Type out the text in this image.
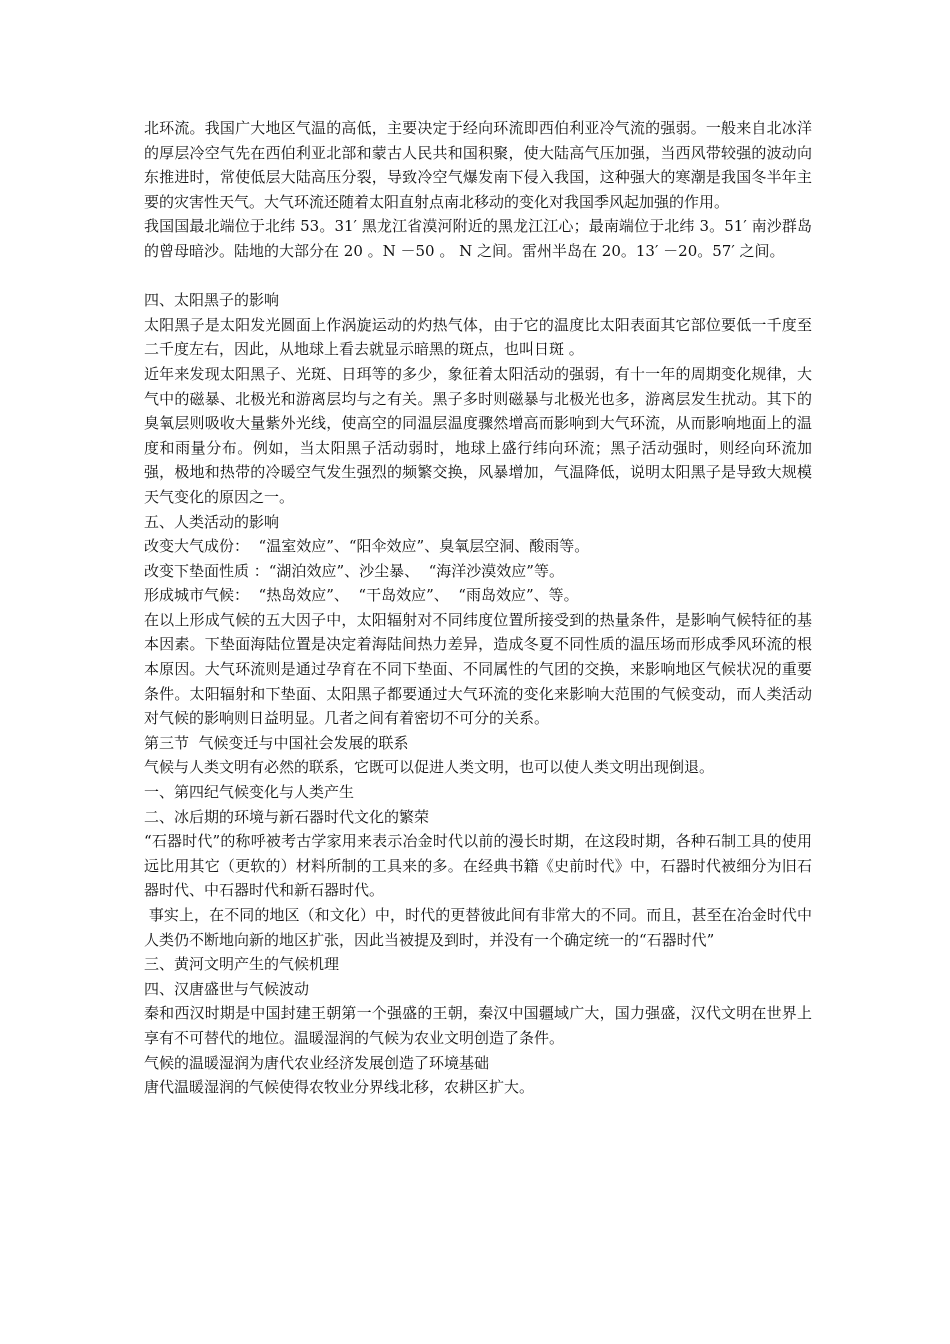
北环流。我国广大地区气温的高低，主要决定于经向环流即西伯利亚冷气流的强弱。一般来自北冰洋的厚层冷空气先在西伯利亚北部和蒙古人民共和国积聚，使大陆高气压加强，当西风带较强的波动向东推进时，常使低层大陆高压分裂，导致冷空气爆发南下侵入我国，这种强大的寒潮是我国冬半年主要的灾害性天气。大气环流还随着太阳直射点南北移动的变化对我国季风起加强的作用。

我国国最北端位于北纬 53。31′ 黑龙江省漠河附近的黑龙江江心；最南端位于北纬 3。51′ 南沙群岛的曾母暗沙。陆地的大部分在 20 。N －50 。 N 之间。雷州半岛在 20。13′ －20。57′ 之间。

四、太阳黑子的影响

太阳黑子是太阳发光圆面上作涡旋运动的灼热气体，由于它的温度比太阳表面其它部位要低一千度至二千度左右，因此，从地球上看去就显示暗黑的斑点，也叫日斑 。

近年来发现太阳黑子、光斑、日珥等的多少，象征着太阳活动的强弱，有十一年的周期变化规律，大气中的磁暴、北极光和游离层均与之有关。黑子多时则磁暴与北极光也多，游离层发生扰动。其下的臭氧层则吸收大量紫外光线，使高空的同温层温度骤然增高而影响到大气环流，从而影响地面上的温度和雨量分布。例如，当太阳黑子活动弱时，地球上盛行纬向环流；黑子活动强时，则经向环流加强，极地和热带的冷暖空气发生强烈的频繁交换，风暴增加，气温降低，说明太阳黑子是导致大规模天气变化的原因之一。

五、人类活动的影响

改变大气成份：  “温室效应”、“阳伞效应”、臭氧层空洞、酸雨等。

改变下垫面性质 ：“湖泊效应”、沙尘暴、  “海洋沙漠效应”等。

形成城市气候：  “热岛效应”、  “干岛效应”、  “雨岛效应”、等。

在以上形成气候的五大因子中，太阳辐射对不同纬度位置所接受到的热量条件，是影响气候特征的基本因素。下垫面海陆位置是决定着海陆间热力差异，造成冬夏不同性质的温压场而形成季风环流的根本原因。大气环流则是通过孕育在不同下垫面、不同属性的气团的交换，来影响地区气候状况的重要条件。太阳辐射和下垫面、太阳黑子都要通过大气环流的变化来影响大范围的气候变动，而人类活动对气候的影响则日益明显。几者之间有着密切不可分的关系。

第三节  气候变迁与中国社会发展的联系

气候与人类文明有必然的联系，它既可以促进人类文明，也可以使人类文明出现倒退。

一、第四纪气候变化与人类产生

二、冰后期的环境与新石器时代文化的繁荣

“石器时代”的称呼被考古学家用来表示冶金时代以前的漫长时期，在这段时期，各种石制工具的使用远比用其它（更软的）材料所制的工具来的多。在经典书籍《史前时代》中，石器时代被细分为旧石器时代、中石器时代和新石器时代。

事实上，在不同的地区（和文化）中，时代的更替彼此间有非常大的不同。而且，甚至在冶金时代中人类仍不断地向新的地区扩张，因此当被提及到时，并没有一个确定统一的“石器时代”

三、黄河文明产生的气候机理

四、汉唐盛世与气候波动

秦和西汉时期是中国封建王朝第一个强盛的王朝，秦汉中国疆域广大，国力强盛，汉代文明在世界上享有不可替代的地位。温暖湿润的气候为农业文明创造了条件。

气候的温暖湿润为唐代农业经济发展创造了环境基础

唐代温暖湿润的气候使得农牧业分界线北移，农耕区扩大。
